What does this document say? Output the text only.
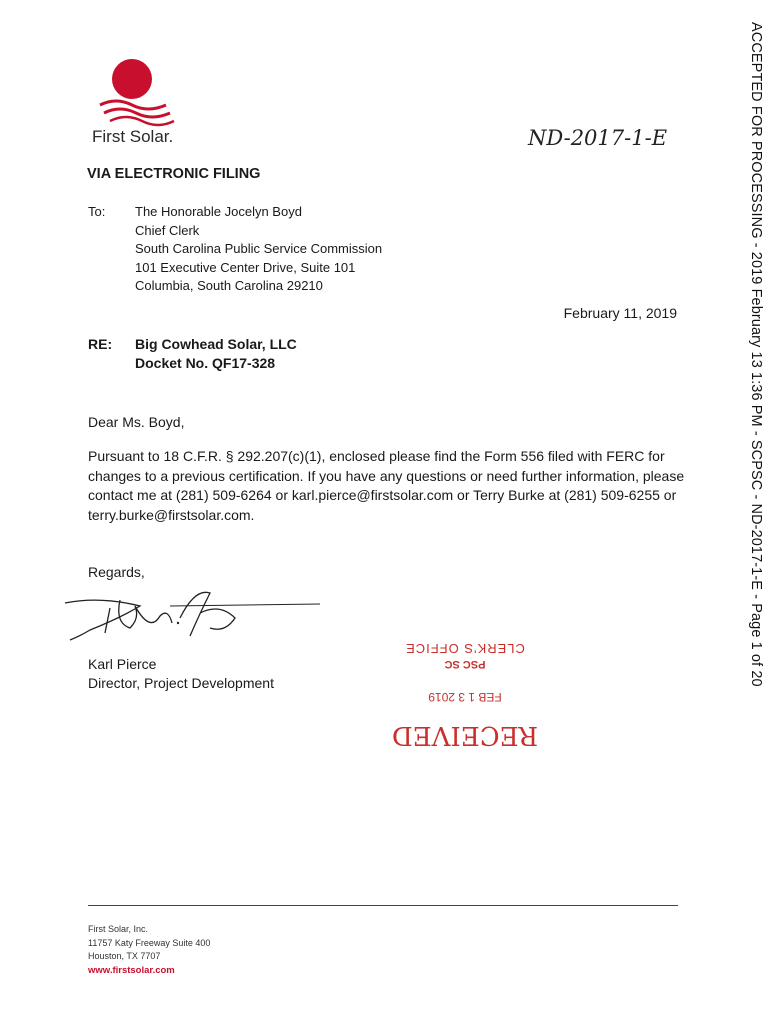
First Solar.	ND-2017-1-E
VIA ELECTRONIC FILING
To: The Honorable Jocelyn Boyd
Chief Clerk
South Carolina Public Service Commission
101 Executive Center Drive, Suite 101
Columbia, South Carolina 29210
February 11, 2019
RE: Big Cowhead Solar, LLC
Docket No. QF17-328
Dear Ms. Boyd,
Pursuant to 18 C.F.R. § 292.207(c)(1), enclosed please find the Form 556 filed with FERC for changes to a previous certification. If you have any questions or need further information, please contact me at (281) 509-6264 or karl.pierce@firstsolar.com or Terry Burke at (281) 509-6255 or terry.burke@firstsolar.com.
Regards,
Karl Pierce
Director, Project Development
CLERK'S OFFICE
PSC SC
FEB 1 3 2019
RECEIVED
First Solar, Inc.
11757 Katy Freeway Suite 400
Houston, TX 7707
www.firstsolar.com
ACCEPTED FOR PROCESSING - 2019 February 13 1:36 PM - SCPSC - ND-2017-1-E - Page 1 of 20
